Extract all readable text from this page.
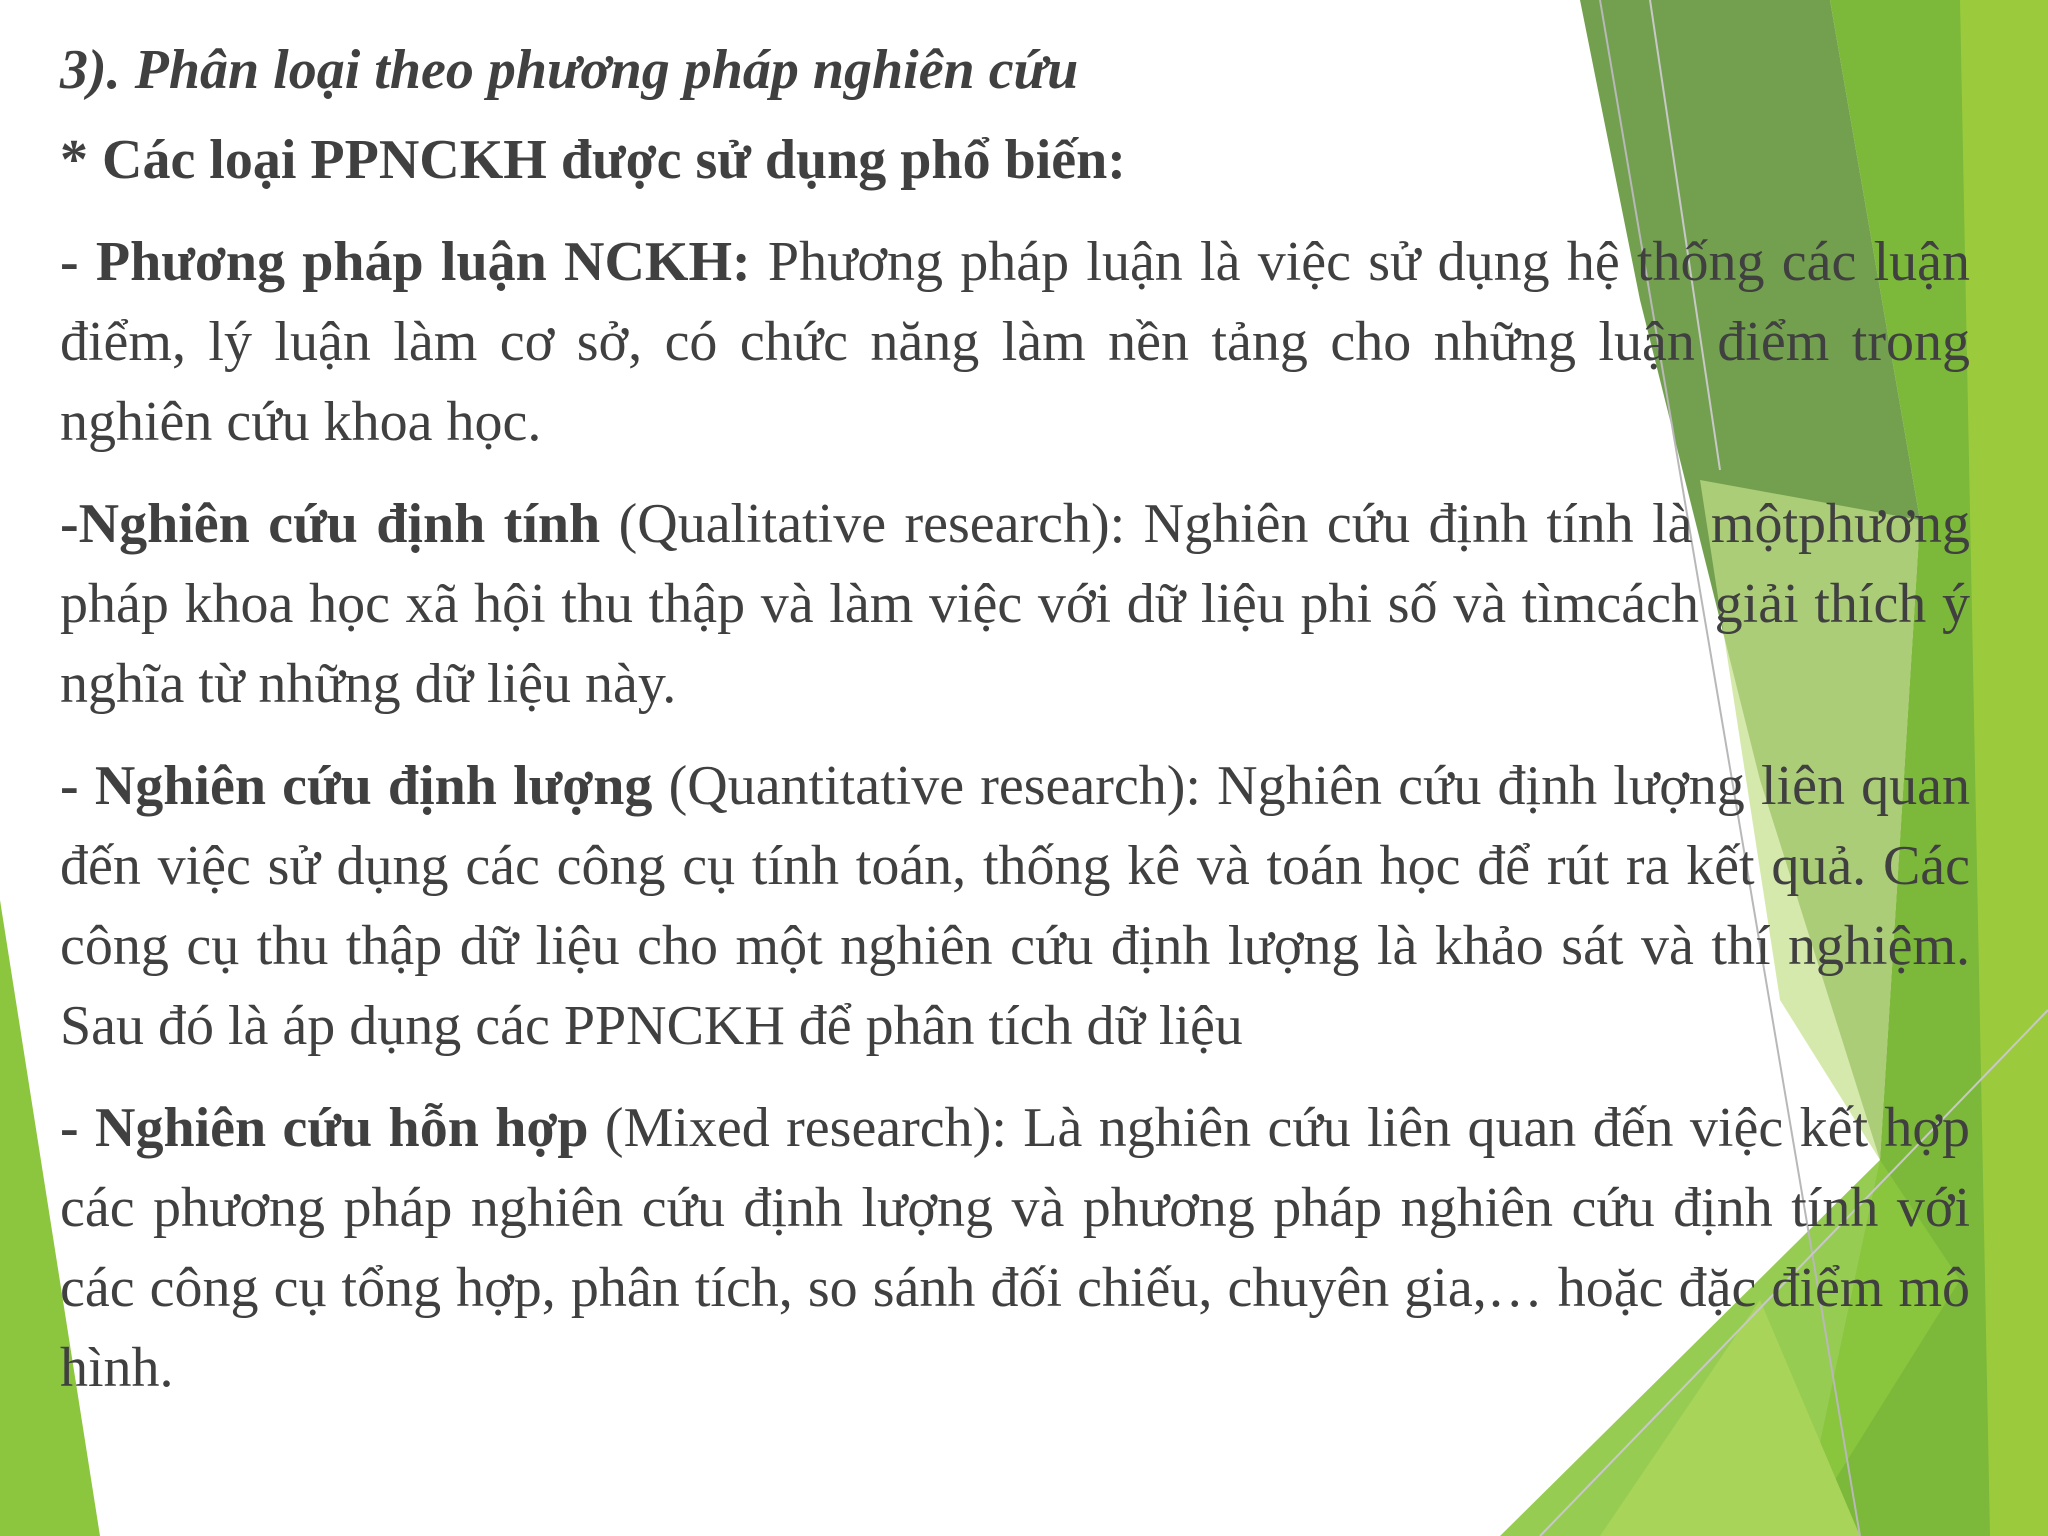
3). Phân loại theo phương pháp nghiên cứu

* Các loại PPNCKH được sử dụng phổ biến:

- Phương pháp luận NCKH: Phương pháp luận là việc sử dụng hệ thống các luận điểm, lý luận làm cơ sở, có chức năng làm nền tảng cho những luận điểm trong nghiên cứu khoa học.

-Nghiên cứu định tính (Qualitative research): Nghiên cứu định tính là mộtphương pháp khoa học xã hội thu thập và làm việc với dữ liệu phi số và tìmcách giải thích ý nghĩa từ những dữ liệu này.

- Nghiên cứu định lượng (Quantitative research): Nghiên cứu định lượng liên quan đến việc sử dụng các công cụ tính toán, thống kê và toán học để rút ra kết quả. Các công cụ thu thập dữ liệu cho một nghiên cứu định lượng là khảo sát và thí nghiệm. Sau đó là áp dụng các PPNCKH để phân tích dữ liệu

- Nghiên cứu hỗn hợp (Mixed research): Là nghiên cứu liên quan đến việc kết hợp các phương pháp nghiên cứu định lượng và phương pháp nghiên cứu định tính với các công cụ tổng hợp, phân tích, so sánh đối chiếu, chuyên gia,… hoặc đặc điểm mô hình.
